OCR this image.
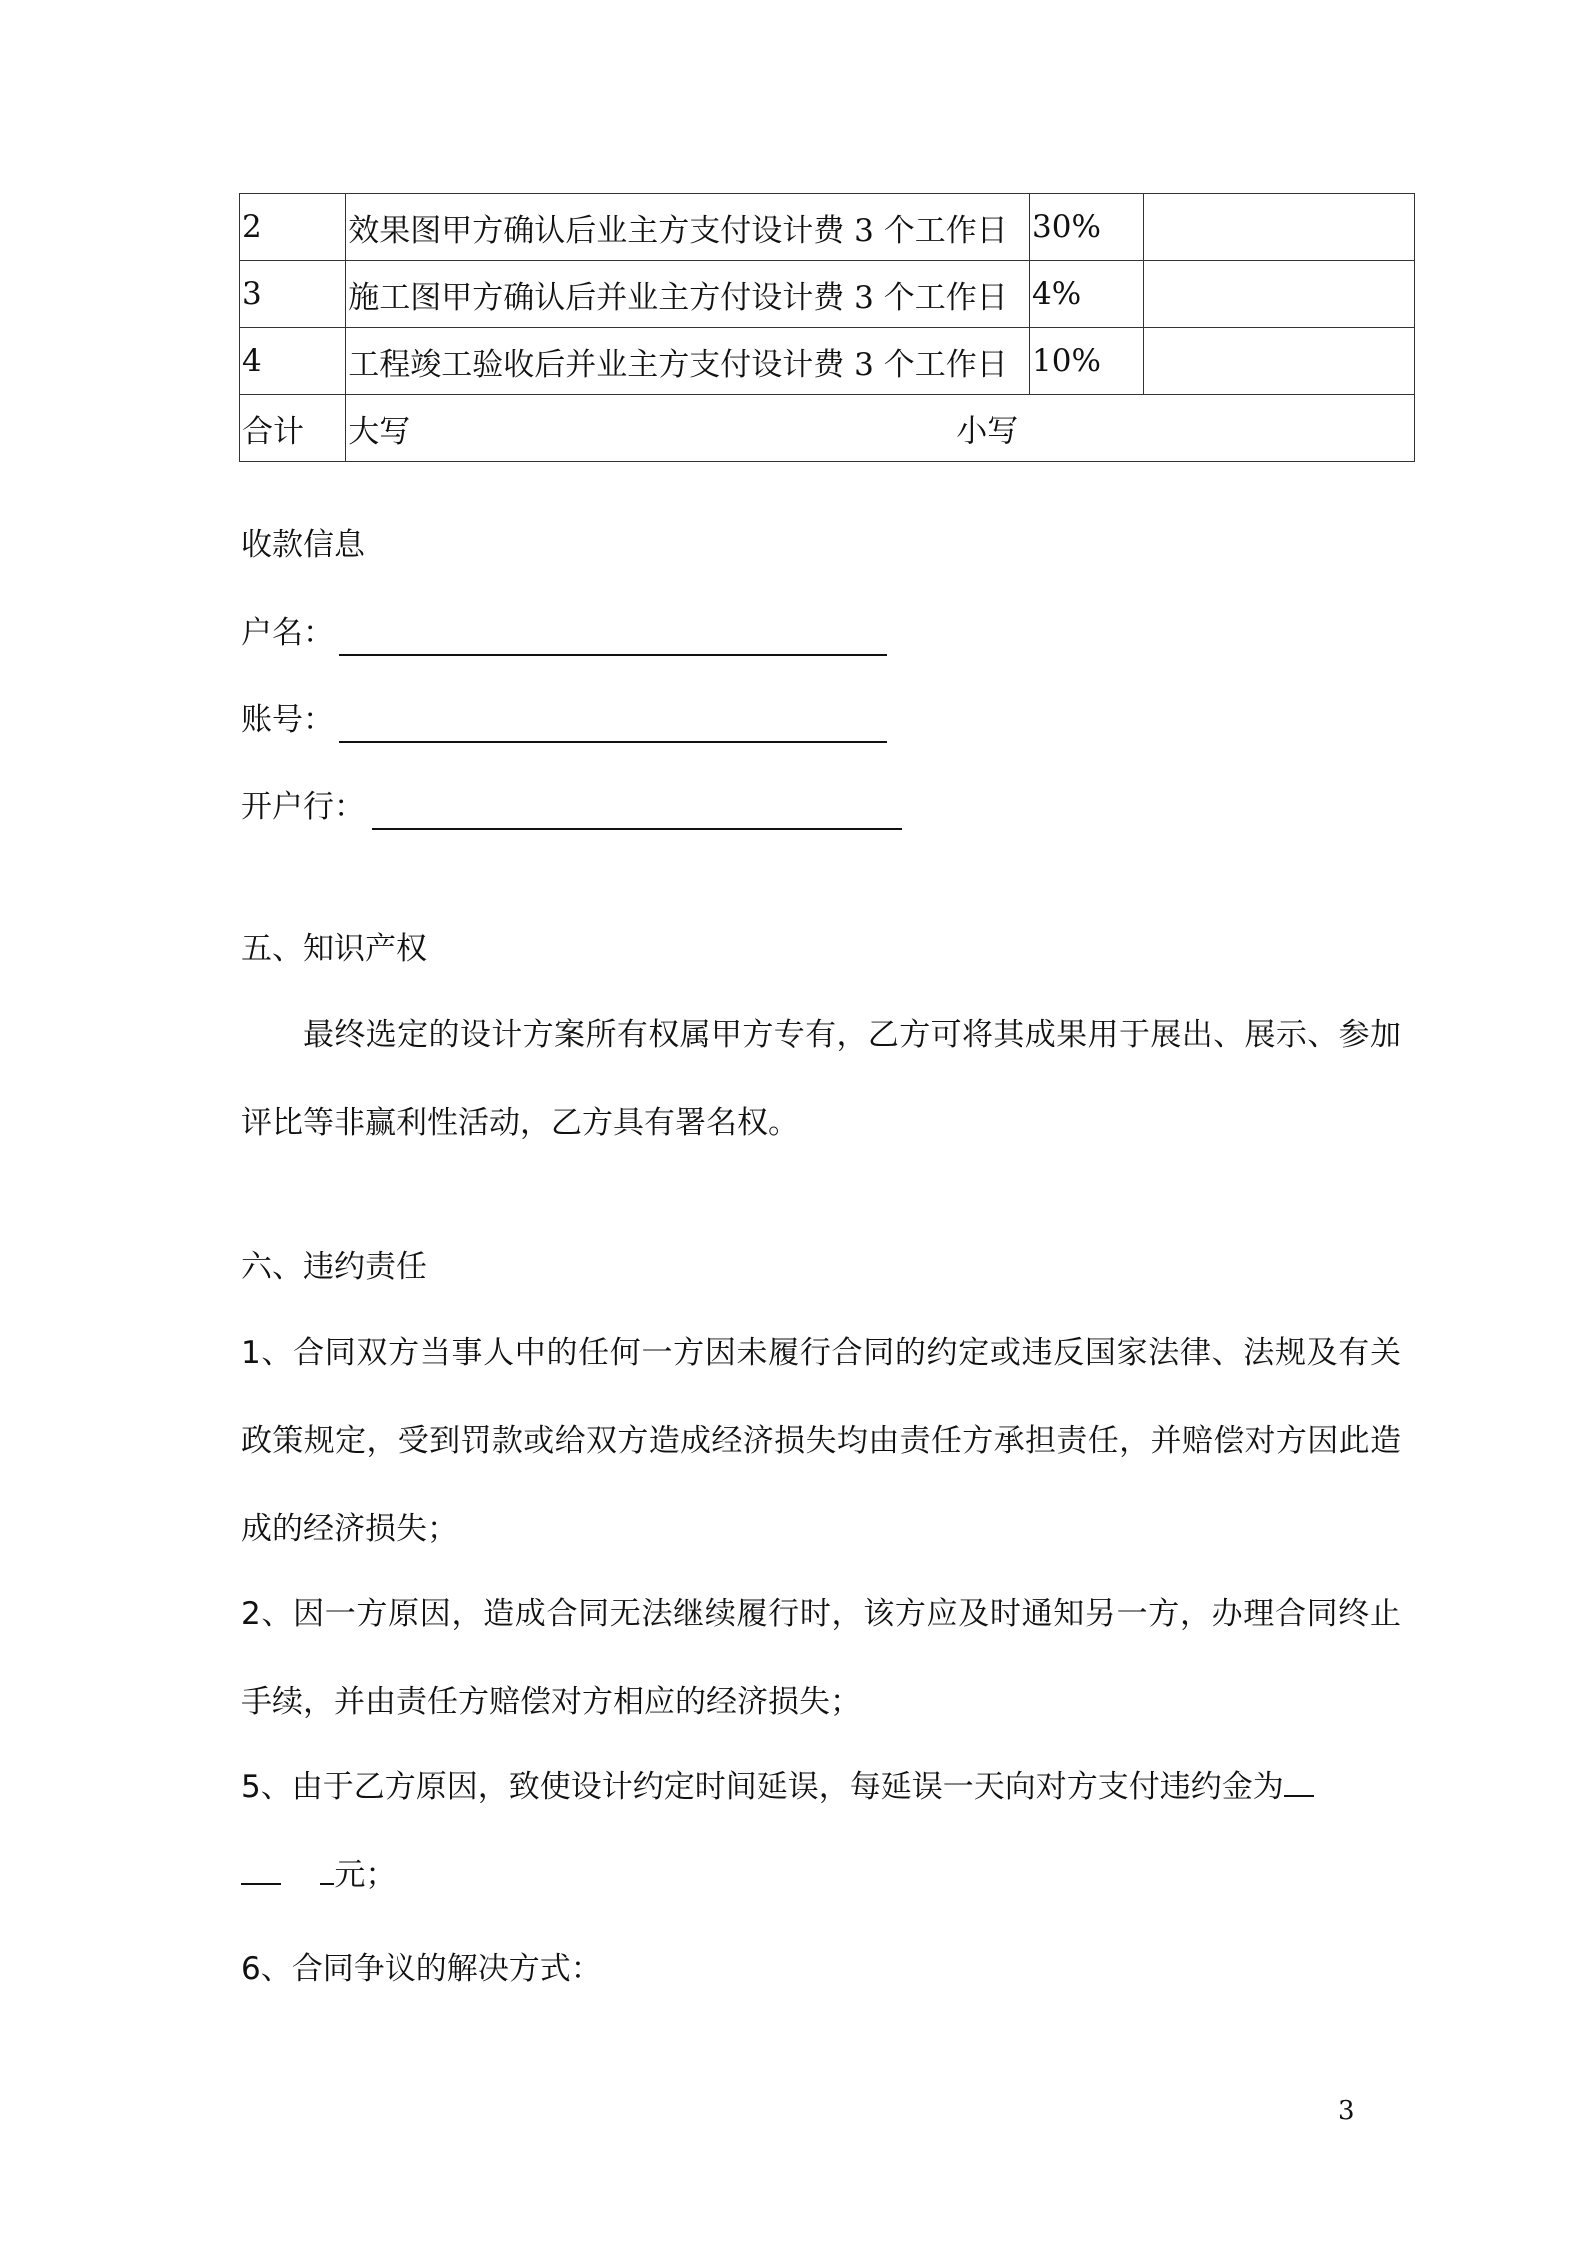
2	效果图甲方确认后业主方支付设计费 3 个工作日	30%	
3	施工图甲方确认后并业主方付设计费 3 个工作日	4%	
4	工程竣工验收后并业主方支付设计费 3 个工作日	10%	
合计	大写 小写		
收款信息
户名：
账号：
开户行：
五、知识产权
最终选定的设计方案所有权属甲方专有，乙方可将其成果用于展出、展示、参加评比等非赢利性活动，乙方具有署名权。
六、违约责任
1、合同双方当事人中的任何一方因未履行合同的约定或违反国家法律、法规及有关政策规定，受到罚款或给双方造成经济损失均由责任方承担责任，并赔偿对方因此造成的经济损失；
2、因一方原因，造成合同无法继续履行时，该方应及时通知另一方，办理合同终止手续，并由责任方赔偿对方相应的经济损失；
5、由于乙方原因，致使设计约定时间延误，每延误一天向对方支付违约金为
元；
6、合同争议的解决方式：
3
